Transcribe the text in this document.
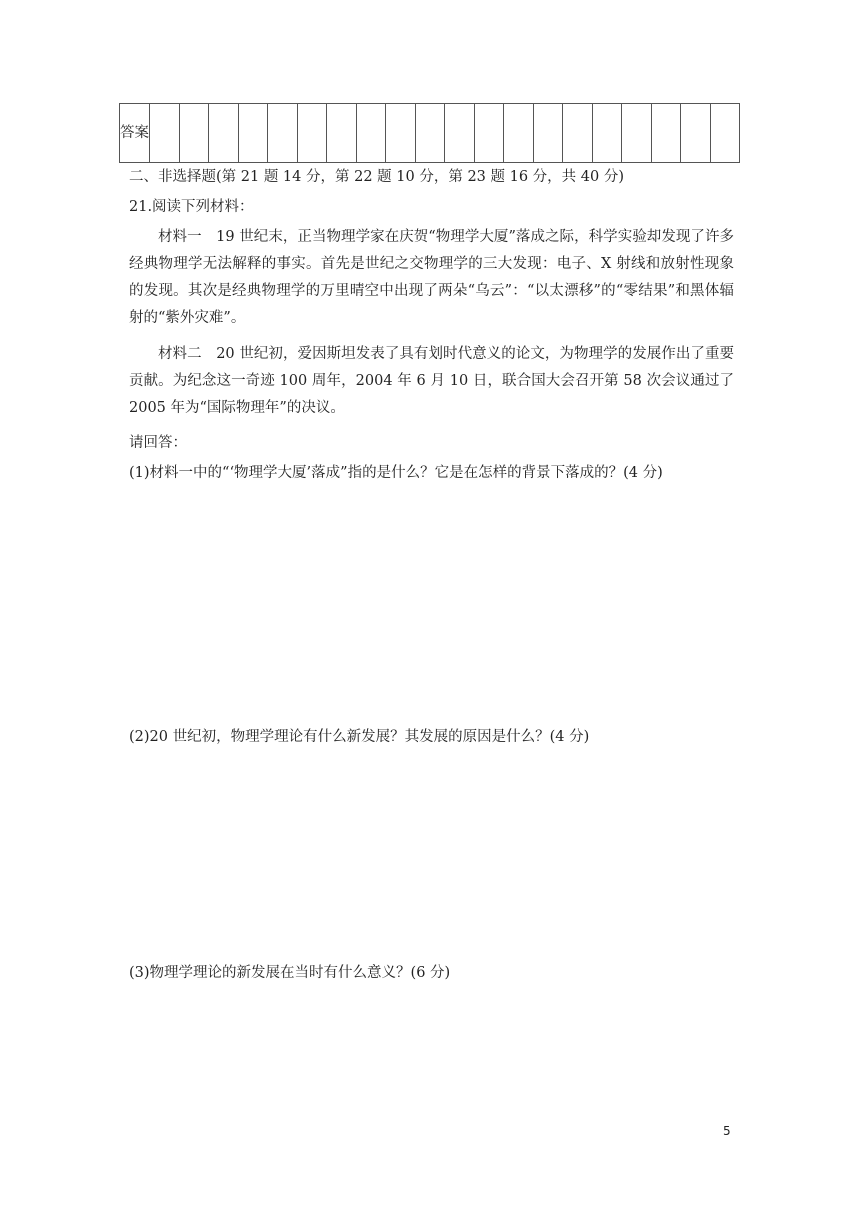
答案																				
二、非选择题(第 21 题 14 分，第 22 题 10 分，第 23 题 16 分，共 40 分)
21.阅读下列材料：
材料一　19 世纪末，正当物理学家在庆贺“物理学大厦”落成之际，科学实验却发现了许多经典物理学无法解释的事实。首先是世纪之交物理学的三大发现：电子、X 射线和放射性现象的发现。其次是经典物理学的万里晴空中出现了两朵“乌云”：“以太漂移”的“零结果”和黑体辐射的“紫外灾难”。
材料二　20 世纪初，爱因斯坦发表了具有划时代意义的论文，为物理学的发展作出了重要贡献。为纪念这一奇迹 100 周年，2004 年 6 月 10 日，联合国大会召开第 58 次会议通过了 2005 年为“国际物理年”的决议。
请回答：
(1)材料一中的“‘物理学大厦’落成”指的是什么？它是在怎样的背景下落成的？(4 分)
(2)20 世纪初，物理学理论有什么新发展？其发展的原因是什么？(4 分)
(3)物理学理论的新发展在当时有什么意义？(6 分)
5
